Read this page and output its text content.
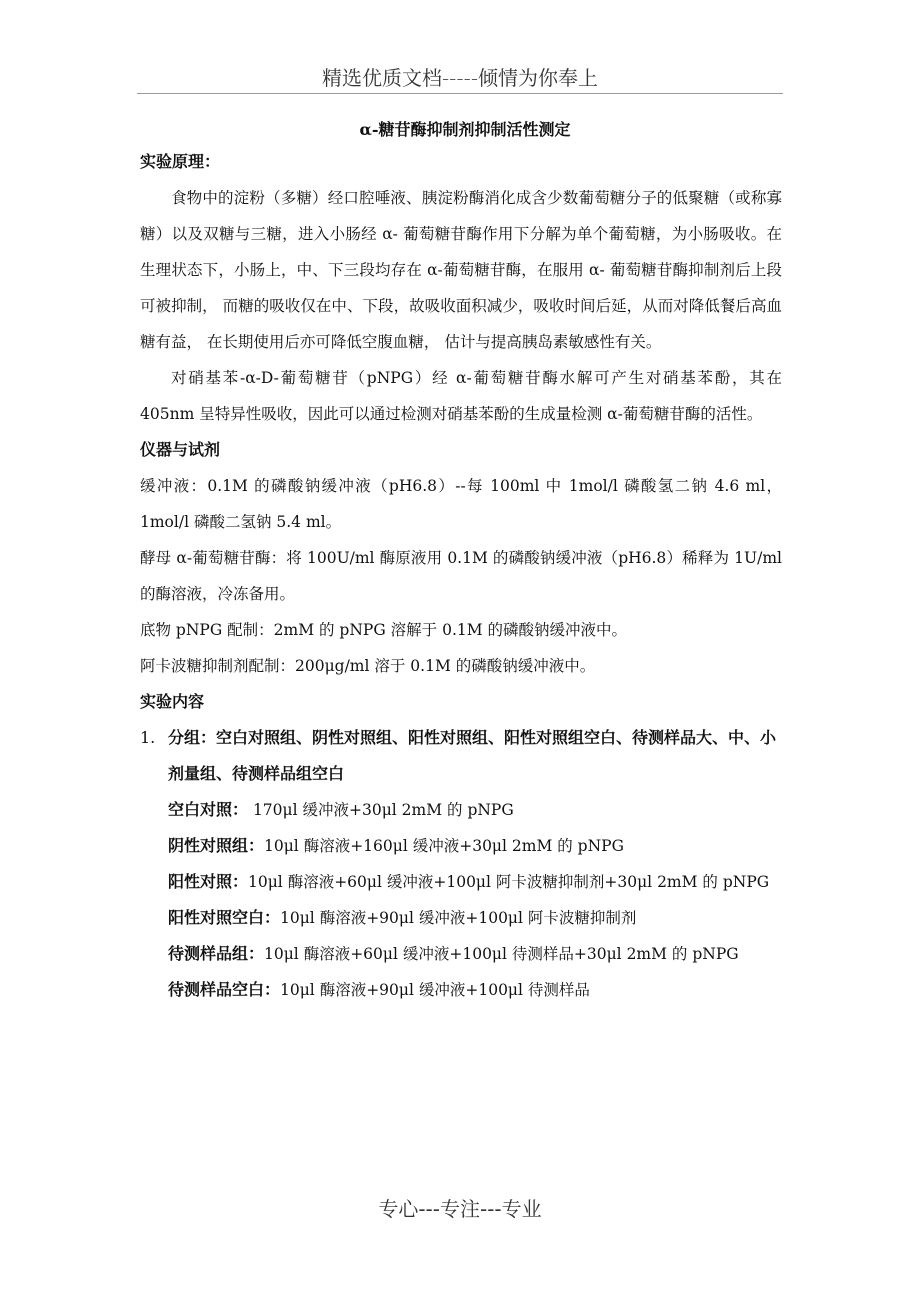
精选优质文档-----倾情为你奉上
α-糖苷酶抑制剂抑制活性测定
实验原理：
食物中的淀粉（多糖）经口腔唾液、胰淀粉酶消化成含少数葡萄糖分子的低聚糖（或称寡糖）以及双糖与三糖，进入小肠经 α- 葡萄糖苷酶作用下分解为单个葡萄糖，为小肠吸收。在生理状态下，小肠上，中、下三段均存在 α-葡萄糖苷酶，在服用 α- 葡萄糖苷酶抑制剂后上段可被抑制， 而糖的吸收仅在中、下段，故吸收面积减少，吸收时间后延，从而对降低餐后高血糖有益， 在长期使用后亦可降低空腹血糖， 估计与提高胰岛素敏感性有关。
对硝基苯-α-D-葡萄糖苷（pNPG）经 α-葡萄糖苷酶水解可产生对硝基苯酚，其在 405nm 呈特异性吸收，因此可以通过检测对硝基苯酚的生成量检测 α-葡萄糖苷酶的活性。
仪器与试剂
缓冲液：0.1M 的磷酸钠缓冲液（pH6.8）--每 100ml 中 1mol/l 磷酸氢二钠 4.6 ml，1mol/l 磷酸二氢钠 5.4 ml。
酵母 α-葡萄糖苷酶：将 100U/ml 酶原液用 0.1M 的磷酸钠缓冲液（pH6.8）稀释为 1U/ml 的酶溶液，冷冻备用。
底物 pNPG 配制：2mM 的 pNPG 溶解于 0.1M 的磷酸钠缓冲液中。
阿卡波糖抑制剂配制：200μg/ml 溶于 0.1M 的磷酸钠缓冲液中。
实验内容
1. 分组：空白对照组、阴性对照组、阳性对照组、阳性对照组空白、待测样品大、中、小剂量组、待测样品组空白
空白对照： 170μl 缓冲液+30μl 2mM 的 pNPG
阴性对照组：10μl 酶溶液+160μl 缓冲液+30μl 2mM 的 pNPG
阳性对照：10μl 酶溶液+60μl 缓冲液+100μl 阿卡波糖抑制剂+30μl 2mM 的 pNPG
阳性对照空白：10μl 酶溶液+90μl 缓冲液+100μl 阿卡波糖抑制剂
待测样品组：10μl 酶溶液+60μl 缓冲液+100μl 待测样品+30μl 2mM 的 pNPG
待测样品空白：10μl 酶溶液+90μl 缓冲液+100μl 待测样品
专心---专注---专业
